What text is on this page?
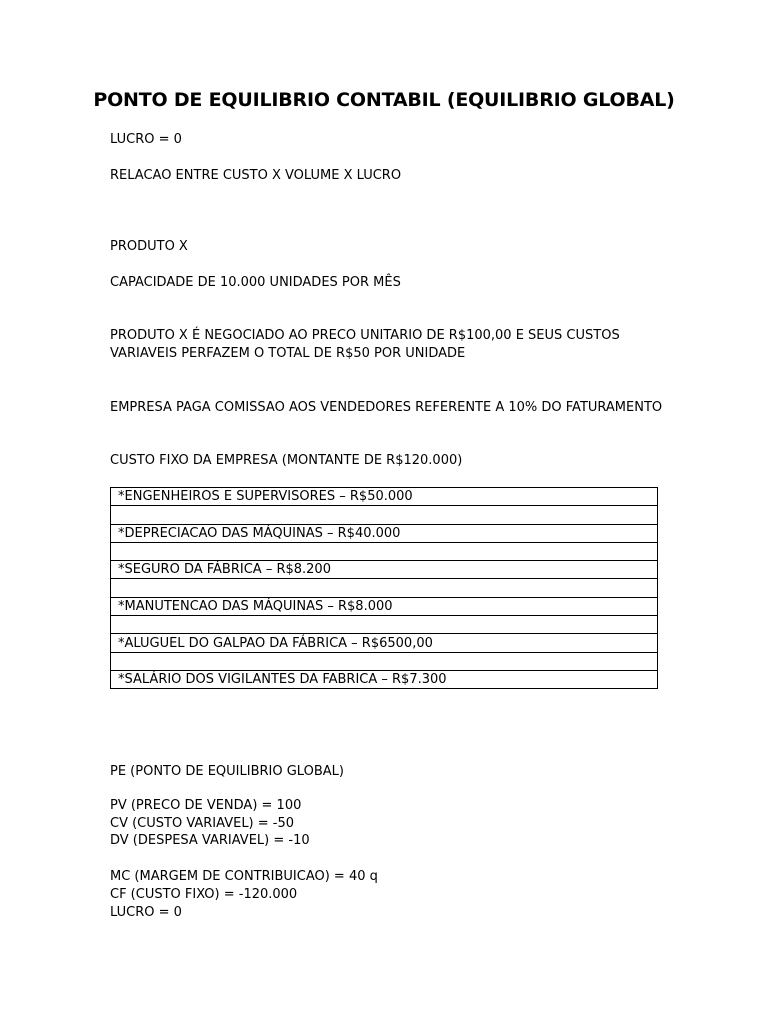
PONTO DE EQUILIBRIO CONTABIL (EQUILIBRIO GLOBAL)
LUCRO = 0
RELACAO ENTRE CUSTO X VOLUME X LUCRO
PRODUTO X
CAPACIDADE DE 10.000 UNIDADES POR MÊS
PRODUTO X É NEGOCIADO AO PRECO UNITARIO DE R$100,00 E SEUS CUSTOS
VARIAVEIS PERFAZEM O TOTAL DE R$50 POR UNIDADE
EMPRESA PAGA COMISSAO AOS VENDEDORES REFERENTE A 10% DO FATURAMENTO
CUSTO FIXO DA EMPRESA (MONTANTE DE R$120.000)
*ENGENHEIROS E SUPERVISORES – R$50.000

*DEPRECIACAO DAS MÁQUINAS – R$40.000

*SEGURO DA FÁBRICA – R$8.200

*MANUTENCAO DAS MÁQUINAS – R$8.000

*ALUGUEL DO GALPAO DA FÁBRICA – R$6500,00

*SALÁRIO DOS VIGILANTES DA FABRICA – R$7.300
PE (PONTO DE EQUILIBRIO GLOBAL)
PV (PRECO DE VENDA) = 100
CV (CUSTO VARIAVEL) = -50
DV (DESPESA VARIAVEL) = -10
MC (MARGEM DE CONTRIBUICAO) = 40 q
CF (CUSTO FIXO) = -120.000
LUCRO = 0
